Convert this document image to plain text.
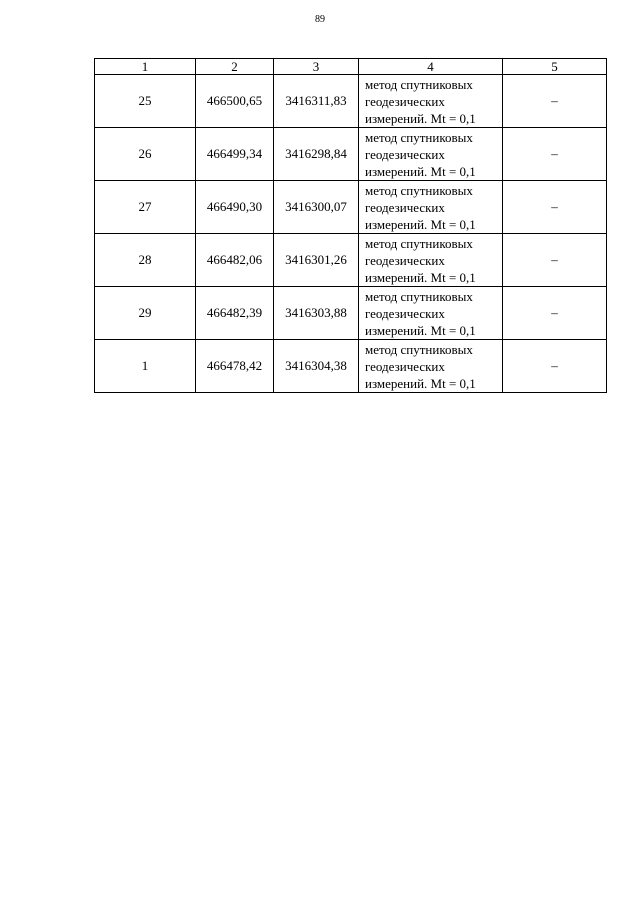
89
1	2	3	4	5
25	466500,65	3416311,83	метод спутниковых
геодезических
измерений. Mt = 0,1	–
26	466499,34	3416298,84	метод спутниковых
геодезических
измерений. Mt = 0,1	–
27	466490,30	3416300,07	метод спутниковых
геодезических
измерений. Mt = 0,1	–
28	466482,06	3416301,26	метод спутниковых
геодезических
измерений. Mt = 0,1	–
29	466482,39	3416303,88	метод спутниковых
геодезических
измерений. Mt = 0,1	–
1	466478,42	3416304,38	метод спутниковых
геодезических
измерений. Mt = 0,1	–
